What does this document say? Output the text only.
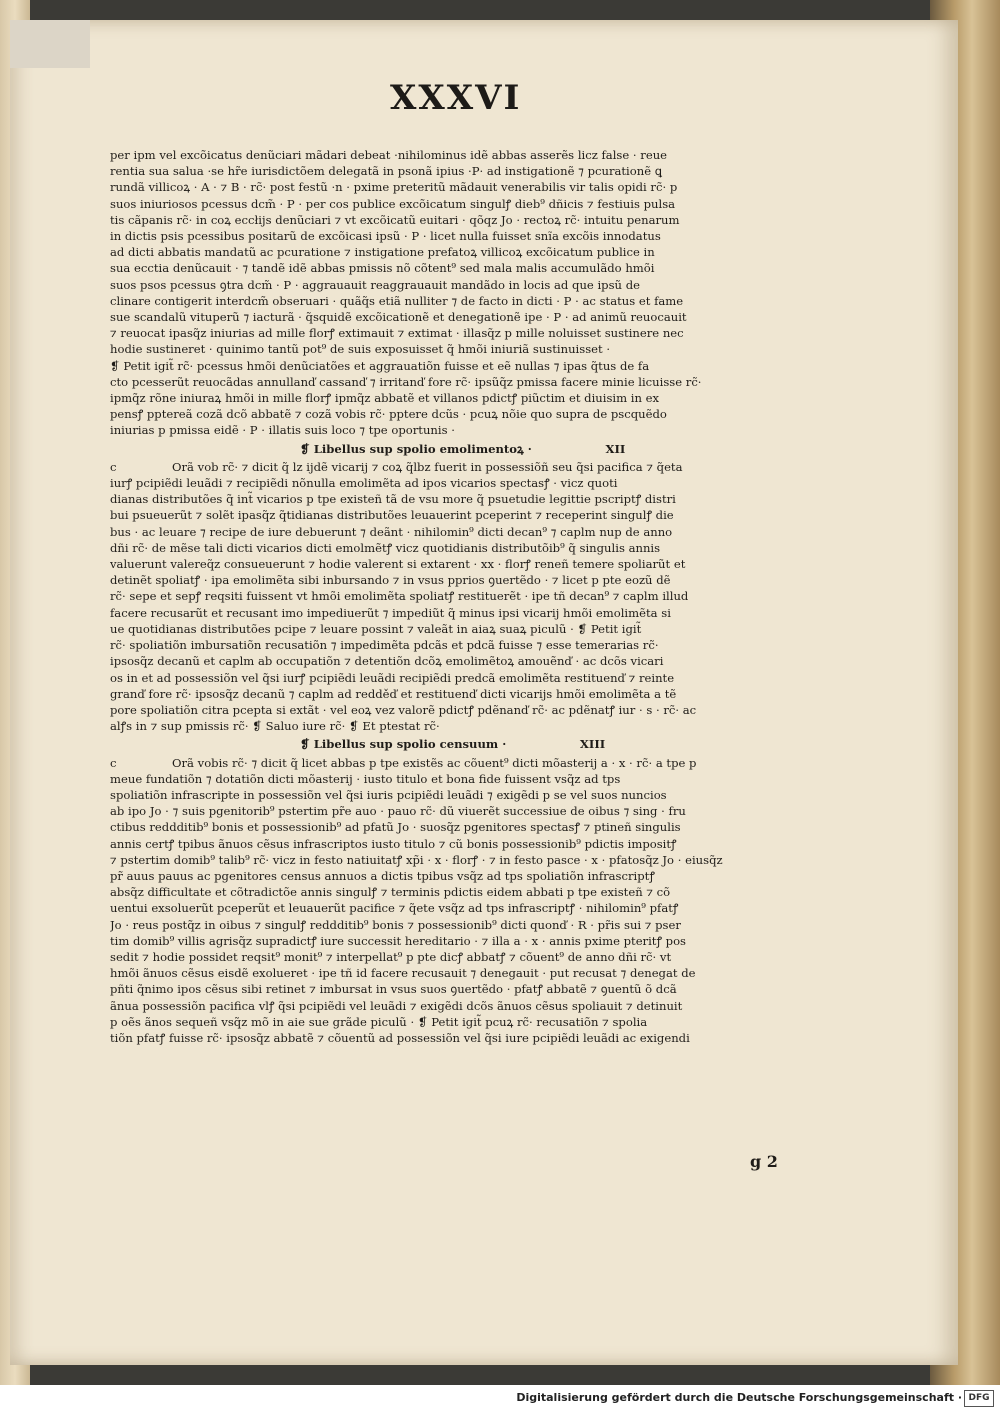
XXXVI
per ipm vel excõicatus denũciari mãdari debeat ·nihilominus idẽ abbas asserẽs licz false · reue
rentia sua salua ·se hr̃e iurisdictõem delegatã in psonã ipius ·P· ad instigationẽ ⁊ pcurationẽ ꝗ
rundã villicoꝝ · A · ⁊ B · rc̃· post festũ ·n · pxime preteritũ mãdauit venerabilis vir talis opidi rc̃· p
suos iniuriosos pcessus dcm̃ · P · per cos publice excõicatum singulꝭ dieb⁹ dñicis ⁊ festiuis pulsa
tis cãpanis rc̃· in coꝝ eccłijs denũciari ⁊ vt excõicatũ euitari · qõqz Jo · rectoꝝ rc̃· intuitu penarum
in dictis psis pcessibus positarũ de excõicasi ipsũ · P · licet nulla fuisset snĩa excõis innodatus
ad dicti abbatis mandatũ ac pcuratione ⁊ instigatione prefatoꝝ villicoꝝ excõicatum publice in
sua ecctia denũcauit · ⁊ tandẽ idẽ abbas pmissis nõ cõtent⁹ sed mala malis accumulãdo hmõi
suos psos pcessus ꝯtra dcm̃ · P · aggrauauit reaggrauauit mandãdo in locis ad que ipsũ de
clinare contigerit interdcm̃ obseruari · quãq̃s etiã nulliter ⁊ de facto in dicti · P · ac status et fame
sue scandalũ vituperũ ⁊ iacturã · q̃squidẽ excõicationẽ et denegationẽ ipe · P · ad animũ reuocauit
⁊ reuocat ipasq̃z iniurias ad mille florꝭ extimauit ⁊ extimat · illasq̃z p mille noluisset sustinere nec
hodie sustineret · quinimo tantũ pot⁹ de suis exposuisset q̃ hmõi iniuriã sustinuisset ·
❡ Petit igit̃ rc̃· pcessus hmõi denũciatões et aggrauatiõn fuisse et eẽ nullas ⁊ ipas q̃tus de fa
cto pcesserũt reuocãdas annullanď cassanď ⁊ irritanď fore rc̃· ipsũq̃z pmissa facere minie licuisse rc̃·
ipmq̃z rõne iniuraꝝ hmõi in mille florꝭ ipmq̃z abbatẽ et villanos pdictꝭ piũctim et diuisim in ex
pensꝭ pptereã cozã dcõ abbatẽ ⁊ cozã vobis rc̃· pptere dcũs · pcuꝝ nõie quo supra de pscquẽdo
iniurias p pmissa eidẽ · P · illatis suis loco ⁊ tpe oportunis ·
❡ Libellus sup spolio emolimentoꝝ ·	XII
c	Orã vob rc̃· ⁊ dicit q̃ lz ijdẽ vicarij ⁊ coꝝ q̃lbz fuerit in possessiõñ seu q̃si pacifica ⁊ q̃eta
iurꝭ pcipiẽdi leuãdi ⁊ recipiẽdi nõnulla emolimẽta ad ipos vicarios spectasꝭ · vicz quoti
dianas distributões q̃ int̃ vicarios p tpe existeñ tã de vsu more q̃ psuetudie legittie pscriptꝭ distri
bui psueuerũt ⁊ solẽt ipasq̃z q̃tidianas distributões leuauerint pceperint ⁊ receperint singulꝭ die
bus · ac leuare ⁊ recipe de iure debuerunt ⁊ deãnt · nihilomin⁹ dicti decan⁹ ⁊ caplm nup de anno
dñi rc̃· de mẽse tali dicti vicarios dicti emolmẽtꝭ vicz quotidianis distributõib⁹ q̃ singulis annis
valuerunt valereq̃z consueuerunt ⁊ hodie valerent si extarent · xx · florꝭ reneñ temere spoliarũt et
detinẽt spoliatꝭ · ipa emolimẽta sibi inbursando ⁊ in vsus pprios ꝯuertẽdo · ⁊ licet p pte eozũ dẽ
rc̃· sepe et sepꝭ reqsiti fuissent vt hmõi emolimẽta spoliatꝭ restituerẽt · ipe tñ decan⁹ ⁊ caplm illud
facere recusarũt et recusant imo impediuerũt ⁊ impediũt q̃ minus ipsi vicarij hmõi emolimẽta si
ue quotidianas distributões pcipe ⁊ leuare possint ⁊ valeãt in aiaꝝ suaꝝ piculũ · ❡ Petit igit̃
rc̃· spoliatiõn imbursatiõn recusatiõn ⁊ impedimẽta pdcãs et pdcã fuisse ⁊ esse temerarias rc̃·
ipsosq̃z decanũ et caplm ab occupatiõn ⁊ detentiõn dcõꝝ emolimẽtoꝝ amouẽnď · ac dcõs vicari
os in et ad possessiõn vel q̃si iurꝭ pcipiẽdi leuãdi recipiẽdi predcã emolimẽta restituenď ⁊ reinte
granď fore rc̃· ipsosq̃z decanũ ⁊ caplm ad redděď et restituenď dicti vicarijs hmõi emolimẽta a tẽ
pore spoliatiõn citra pcepta si extãt · vel eoꝝ vez valorẽ pdictꝭ pdẽnanď rc̃· ac pdẽnatꝭ iur · s · rc̃· ac
alꝭs in ⁊ sup pmissis rc̃· ❡ Saluo iure rc̃· ❡ Et ptestat rc̃·
❡ Libellus sup spolio censuum ·	XIII
c	Orã vobis rc̃· ⁊ dicit q̃ licet abbas p tpe existẽs ac cõuent⁹ dicti mõasterij a · x · rc̃· a tpe p
meue fundatiõn ⁊ dotatiõn dicti mõasterij · iusto titulo et bona fide fuissent vsq̃z ad tps
spoliatiõn infrascripte in possessiõn vel q̃si iuris pcipiẽdi leuãdi ⁊ exigẽdi p se vel suos nuncios
ab ipo Jo · ⁊ suis pgenitorib⁹ pstertim pr̃e auo · pauo rc̃· dũ viuerẽt successiue de oibus ⁊ sing · fru
ctibus reddditib⁹ bonis et possessionib⁹ ad pfatũ Jo · suosq̃z pgenitores spectasꝭ ⁊ ptineñ singulis
annis certꝭ tpibus ãnuos cẽsus infrascriptos iusto titulo ⁊ cũ bonis possessionib⁹ pdictis impositꝭ
⁊ pstertim domib⁹ talib⁹ rc̃· vicz in festo natiuitatꝭ xp̃i · x · florꝭ · ⁊ in festo pasce · x · pfatosq̃z Jo · eiusq̃z
pr̃ auus pauus ac pgenitores census annuos a dictis tpibus vsq̃z ad tps spoliatiõn infrascriptꝭ
absq̃z difficultate et cõtradictõe annis singulꝭ ⁊ terminis pdictis eidem abbati p tpe existeñ ⁊ cõ
uentui exsoluerũt pceperũt et leuauerũt pacifice ⁊ q̃ete vsq̃z ad tps infrascriptꝭ · nihilomin⁹ pfatꝭ
Jo · reus postq̃z in oibus ⁊ singulꝭ reddditib⁹ bonis ⁊ possessionib⁹ dicti quonď · R · pr̃is sui ⁊ pser
tim domib⁹ villis agrisq̃z supradictꝭ iure successit hereditario · ⁊ illa a · x · annis pxime pteritꝭ pos
sedit ⁊ hodie possidet reqsit⁹ monit⁹ ⁊ interpellat⁹ p pte dicꝭ abbatꝭ ⁊ cõuent⁹ de anno dñi rc̃· vt
hmõi ãnuos cẽsus eisdẽ exolueret · ipe tñ id facere recusauit ⁊ denegauit · put recusat ⁊ denegat de
pñti q̃nimo ipos cẽsus sibi retinet ⁊ imbursat in vsus suos ꝯuertẽdo · pfatꝭ abbatẽ ⁊ ꝯuentũ õ dcã
ãnua possessiõn pacifica vlꝭ q̃si pcipiẽdi vel leuãdi ⁊ exigẽdi dcõs ãnuos cẽsus spoliauit ⁊ detinuit
p oẽs ãnos sequeñ vsq̃z mõ in aie sue grãde piculũ · ❡ Petit igit̃ pcuꝝ rc̃· recusatiõn ⁊ spolia
tiõn pfatꝭ fuisse rc̃· ipsosq̃z abbatẽ ⁊ cõuentũ ad possessiõn vel q̃si iure pcipiẽdi leuãdi ac exigendi
g 2
Digitalisierung gefördert durch die Deutsche Forschungsgemeinschaft · DFG
